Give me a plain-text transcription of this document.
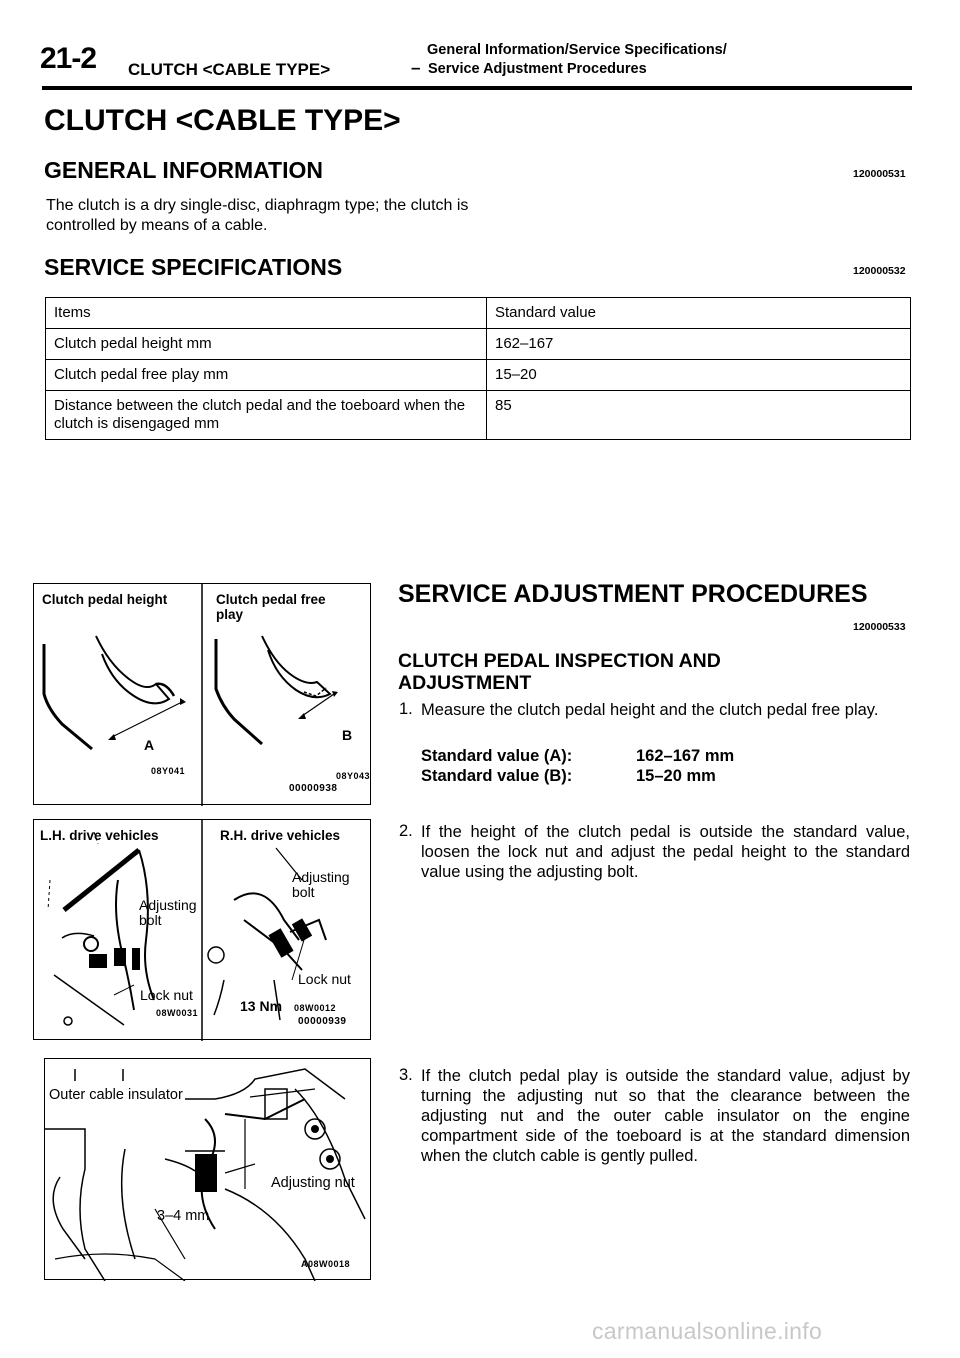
21-2	General Information/Service Specifications/
CLUTCH <CABLE TYPE>	– Service Adjustment Procedures
CLUTCH <CABLE TYPE>
GENERAL INFORMATION	120000531
The clutch is a dry single-disc, diaphragm type; the clutch is controlled by means of a cable.
SERVICE SPECIFICATIONS	120000532
Items	Standard value
Clutch pedal height mm	162–167
Clutch pedal free play mm	15–20
Distance between the clutch pedal and the toeboard when the clutch is disengaged mm	85
Clutch pedal height	Clutch pedal free play
A
B
08Y041	08Y043
00000938
L.H. drive vehicles	R.H. drive vehicles
Adjusting bolt
Lock nut
08W0031
Adjusting bolt
Lock nut
13 Nm 08W0012
00000939
Outer cable insulator
3–4 mm
Adjusting nut
A08W0018
SERVICE ADJUSTMENT PROCEDURES
120000533
CLUTCH PEDAL INSPECTION AND ADJUSTMENT
1. Measure the clutch pedal height and the clutch pedal free play.
Standard value (A):	162–167 mm
Standard value (B):	15–20 mm
2. If the height of the clutch pedal is outside the standard value, loosen the lock nut and adjust the pedal height to the standard value using the adjusting bolt.
3. If the clutch pedal play is outside the standard value, adjust by turning the adjusting nut so that the clearance between the adjusting nut and the outer cable insulator on the engine compartment side of the toeboard is at the standard dimension when the clutch cable is gently pulled.
carmanualsonline.info
